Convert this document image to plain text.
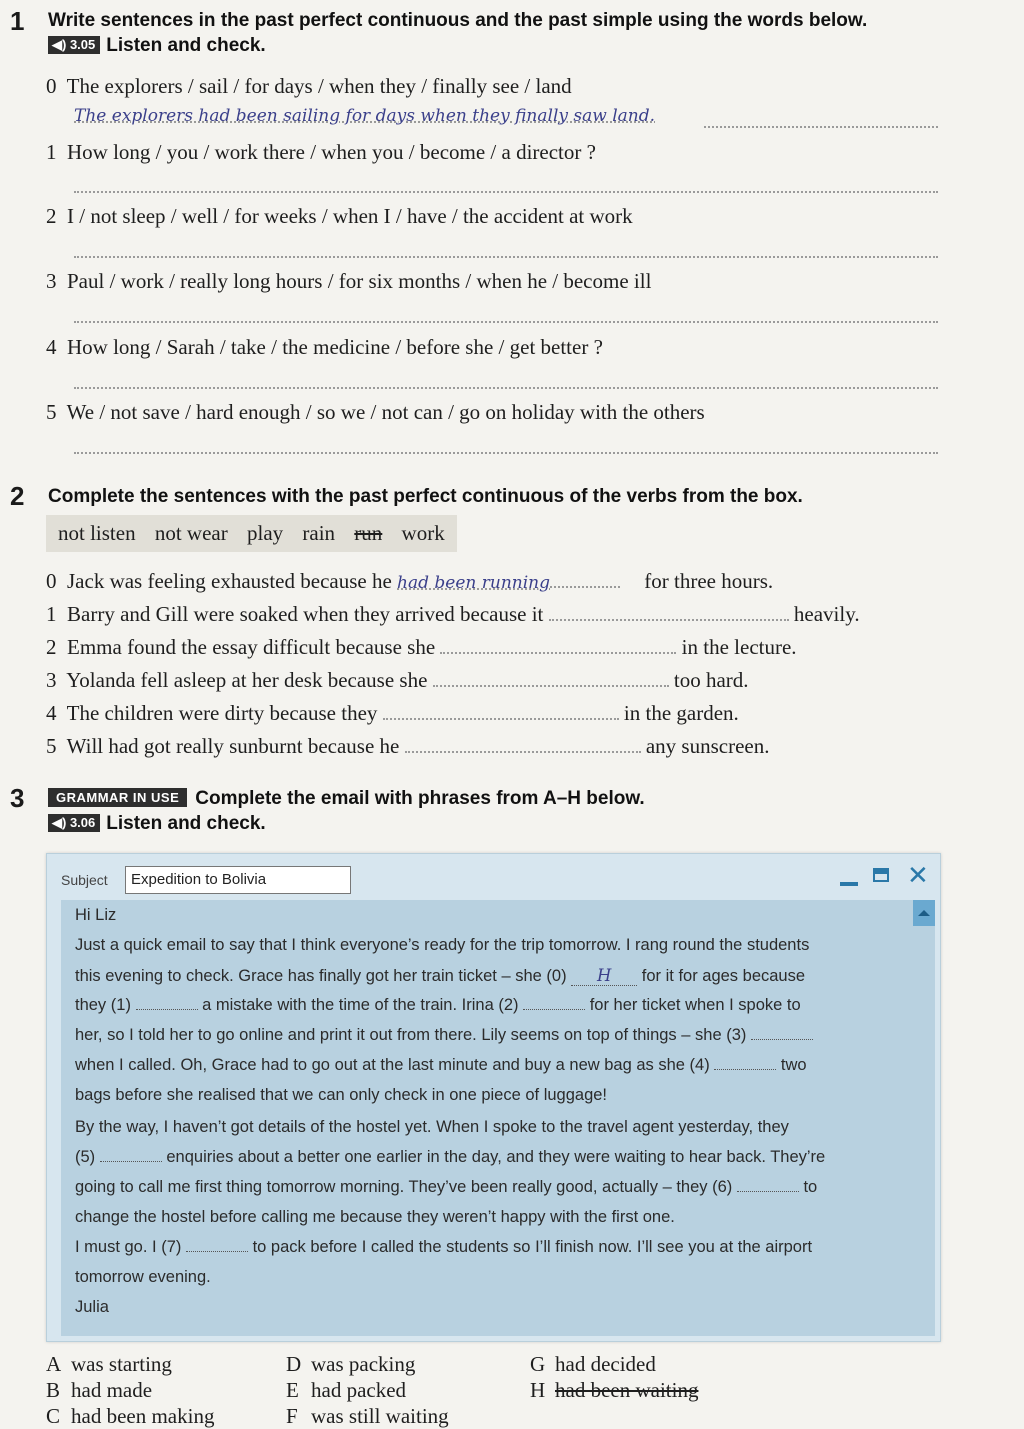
1 Write sentences in the past perfect continuous and the past simple using the words below.
◀) 3.05 Listen and check.
0 The explorers / sail / for days / when they / finally see / land
The explorers had been sailing for days when they finally saw land.
1 How long / you / work there / when you / become / a director ?
2 I / not sleep / well / for weeks / when I / have / the accident at work
3 Paul / work / really long hours / for six months / when he / become ill
4 How long / Sarah / take / the medicine / before she / get better ?
5 We / not save / hard enough / so we / not can / go on holiday with the others
2 Complete the sentences with the past perfect continuous of the verbs from the box.
not listen not wear play rain run work
0 Jack was feeling exhausted because he had been running	for three hours.
1 Barry and Gill were soaked when they arrived because it	heavily.
2 Emma found the essay difficult because she	in the lecture.
3 Yolanda fell asleep at her desk because she	too hard.
4 The children were dirty because they	in the garden.
5 Will had got really sunburnt because he	any sunscreen.
3	GRAMMAR IN USE Complete the email with phrases from A–H below.
◀) 3.06 Listen and check.
Subject	Expedition to Bolivia	✕
Hi Liz
Just a quick email to say that I think everyone’s ready for the trip tomorrow. I rang round the students
this evening to check. Grace has finally got her train ticket – she (0) H for it for ages because
they (1)	a mistake with the time of the train. Irina (2)	for her ticket when I spoke to
her, so I told her to go online and print it out from there. Lily seems on top of things – she (3)
when I called. Oh, Grace had to go out at the last minute and buy a new bag as she (4)	two
bags before she realised that we can only check in one piece of luggage!
By the way, I haven’t got details of the hostel yet. When I spoke to the travel agent yesterday, they
(5)	enquiries about a better one earlier in the day, and they were waiting to hear back. They’re
going to call me first thing tomorrow morning. They’ve been really good, actually – they (6)	to
change the hostel before calling me because they weren’t happy with the first one.
I must go. I (7)	to pack before I called the students so I’ll finish now. I’ll see you at the airport
tomorrow evening.
Julia
A was starting
B had made
C had been making
D was packing
E had packed
F was still waiting
G had decided
H had been waiting
